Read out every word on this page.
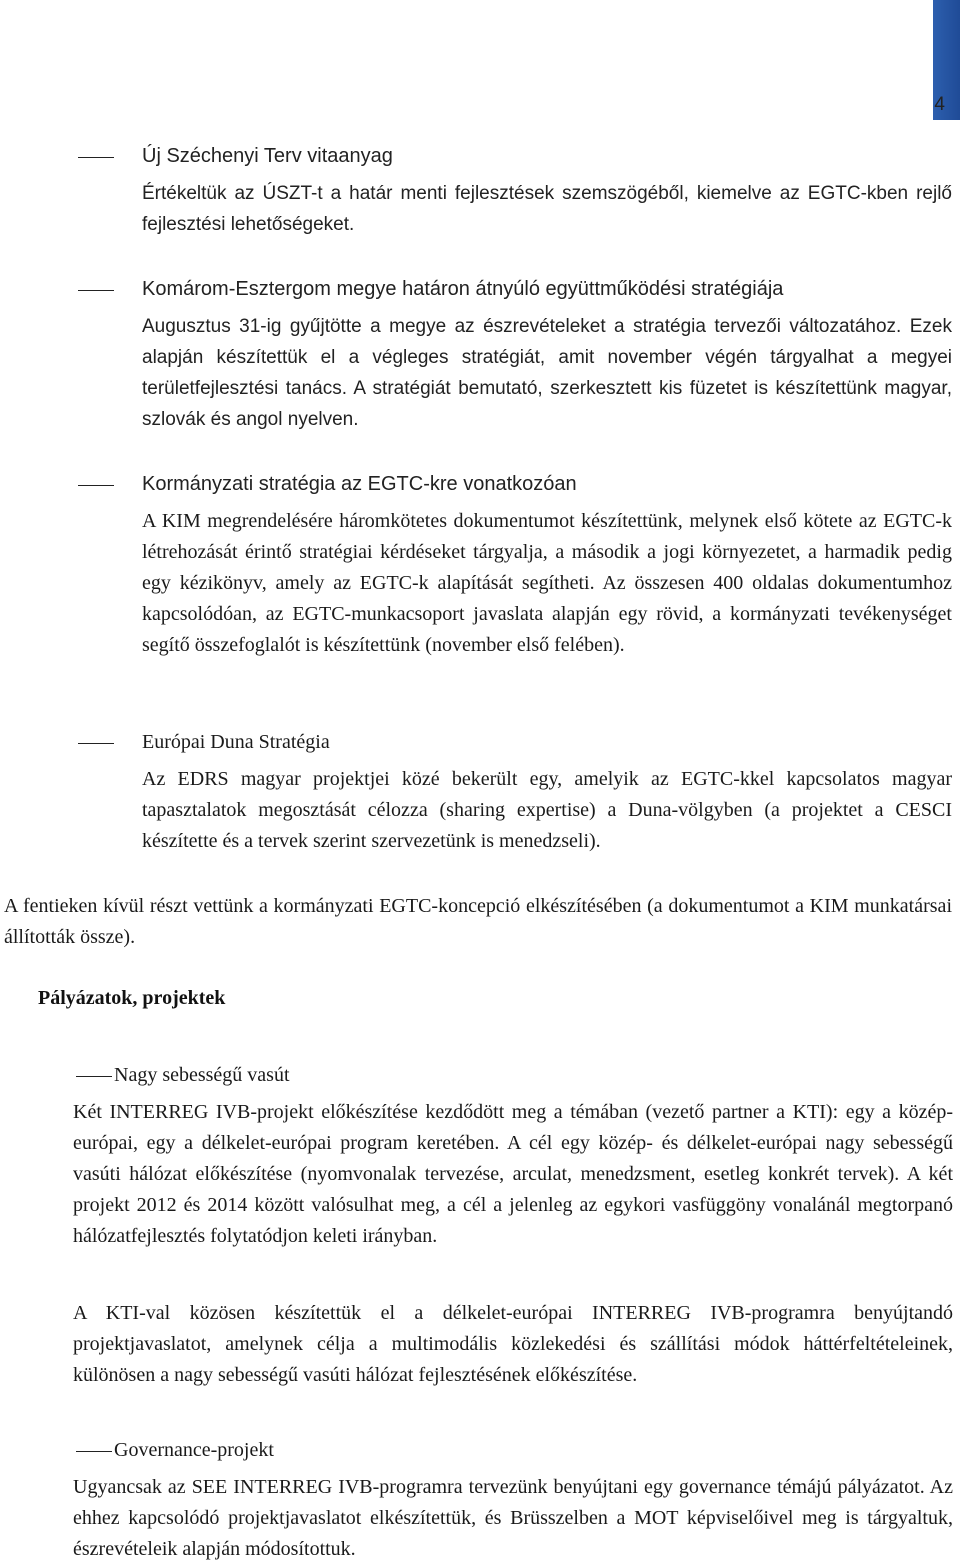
4
Új Széchenyi Terv vitaanyag
Értékeltük az ÚSZT-t a határ menti fejlesztések szemszögéből, kiemelve az EGTC-kben rejlő fejlesztési lehetőségeket.
Komárom-Esztergom megye határon átnyúló együttműködési stratégiája
Augusztus 31-ig gyűjtötte a megye az észrevételeket a stratégia tervezői változatához. Ezek alapján készítettük el a végleges stratégiát, amit november végén tárgyalhat a megyei területfejlesztési tanács. A stratégiát bemutató, szerkesztett kis füzetet is készítettünk magyar, szlovák és angol nyelven.
Kormányzati stratégia az EGTC-kre vonatkozóan
A KIM megrendelésére háromkötetes dokumentumot készítettünk, melynek első kötete az EGTC-k létrehozását érintő stratégiai kérdéseket tárgyalja, a második a jogi környezetet, a harmadik pedig egy kézikönyv, amely az EGTC-k alapítását segítheti. Az összesen 400 oldalas dokumentumhoz kapcsolódóan, az EGTC-munkacsoport javaslata alapján egy rövid, a kormányzati tevékenységet segítő összefoglalót is készítettünk (november első felében).
Európai Duna Stratégia
Az EDRS magyar projektjei közé bekerült egy, amelyik az EGTC-kkel kapcsolatos magyar tapasztalatok megosztását célozza (sharing expertise) a Duna-völgyben (a projektet a CESCI készítette és a tervek szerint szervezetünk is menedzseli).
A fentieken kívül részt vettünk a kormányzati EGTC-koncepció elkészítésében (a dokumentumot a KIM munkatársai állították össze).
Pályázatok, projektek
Nagy sebességű vasút
Két INTERREG IVB-projekt előkészítése kezdődött meg a témában (vezető partner a KTI): egy a közép-európai, egy a délkelet-európai program keretében. A cél egy közép- és délkelet-európai nagy sebességű vasúti hálózat előkészítése (nyomvonalak tervezése, arculat, menedzsment, esetleg konkrét tervek). A két projekt 2012 és 2014 között valósulhat meg, a cél a jelenleg az egykori vasfüggöny vonalánál megtorpanó hálózatfejlesztés folytatódjon keleti irányban.
A KTI-val közösen készítettük el a délkelet-európai INTERREG IVB-programra benyújtandó projektjavaslatot, amelynek célja a multimodális közlekedési és szállítási módok háttérfeltételeinek, különösen a nagy sebességű vasúti hálózat fejlesztésének előkészítése.
Governance-projekt
Ugyancsak az SEE INTERREG IVB-programra tervezünk benyújtani egy governance témájú pályázatot. Az ehhez kapcsolódó projektjavaslatot elkészítettük, és Brüsszelben a MOT képviselőivel meg is tárgyaltuk, észrevételeik alapján módosítottuk.
